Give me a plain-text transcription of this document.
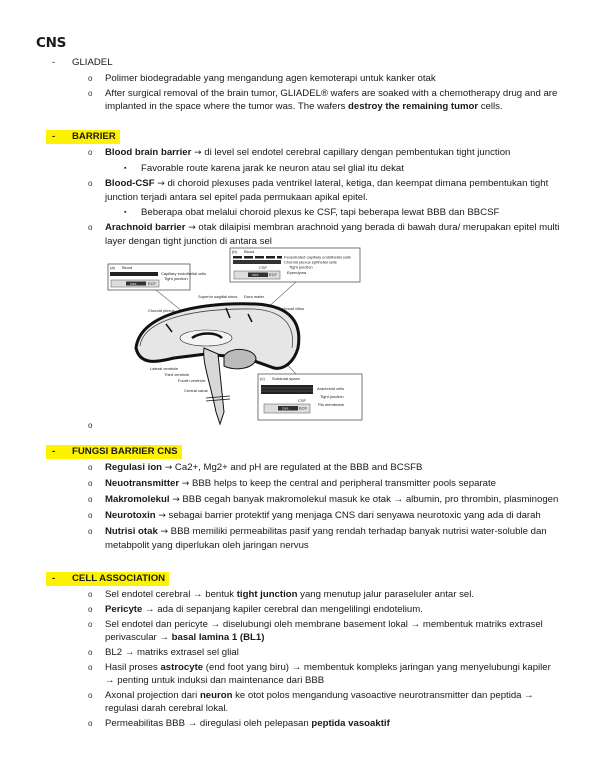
CNS
-	GLIADEL
o Polimer biodegradable yang mengandung agen kemoterapi untuk kanker otak
o After surgical removal of the brain tumor, GLIADEL® wafers are soaked with a chemotherapy drug and are implanted in the space where the tumor was. The wafers destroy the remaining tumor cells.
- BARRIER
o Blood brain barrier → di level sel endotel cerebral capillary dengan pembentukan tight junction
▪ Favorable route karena jarak ke neuron atau sel glial itu dekat
o Blood-CSF → di choroid plexuses pada ventrikel lateral, ketiga, dan keempat dimana pembentukan tight junction terjadi antara sel epitel pada permukaan apikal epitel.
▪ Beberapa obat melalui choroid plexus ke CSF, tapi beberapa lewat BBB dan BBCSF
o Arachnoid barrier → otak dilaipisi membran arachnoid yang berada di bawah dura/ merupakan epitel multi layer dengan tight junction di antara sel
(a) Blood
Capillary endothelial cells
Tight junction
CNS	ECF
(b) Blood
Fenestrated capillary endothelial cells
Choroid plexus epithelial cells
Tight junction
CSF
Ependyma
CNS	ECF
(c) Subdural space
Arachnoid cells
Tight junction
CSF
Pia membrane
CNS	ECF
Superior sagittal sinus Dura mater
Choroid plexus	Arachnoid villus
Lateral ventricle
Third ventricle
Fourth ventricle
Central canal
o
- FUNGSI BARRIER CNS
o Regulasi ion → Ca2+, Mg2+ and pH are regulated at the BBB and BCSFB
o Neuotransmitter → BBB helps to keep the central and peripheral transmitter pools separate
o Makromolekul → BBB cegah banyak makromolekul masuk ke otak → albumin, pro thrombin, plasminogen
o Neurotoxin → sebagai barrier protektif yang menjaga CNS dari senyawa neurotoxic yang ada di darah
o Nutrisi otak → BBB memiliki permeabilitas pasif yang rendah terhadap banyak nutrisi water-soluble dan metabpolit yang diperlukan oleh jaringan nervus
- CELL ASSOCIATION
o Sel endotel cerebral → bentuk tight junction yang menutup jalur paraseluler antar sel.
o Pericyte → ada di sepanjang kapiler cerebral dan mengelilingi endotelium.
o Sel endotel dan pericyte → diselubungi oleh membrane basement lokal → membentuk matriks extrasel perivascular → basal lamina 1 (BL1)
o BL2 → matriks extrasel sel glial
o Hasil proses astrocyte (end foot yang biru) → membentuk kompleks jaringan yang menyelubungi kapiler → penting untuk induksi dan maintenance dari BBB
o Axonal projection dari neuron ke otot polos mengandung vasoactive neurotransmitter dan peptida → regulasi darah cerebral lokal.
o Permeabilitas BBB → diregulasi oleh pelepasan peptida vasoaktif
